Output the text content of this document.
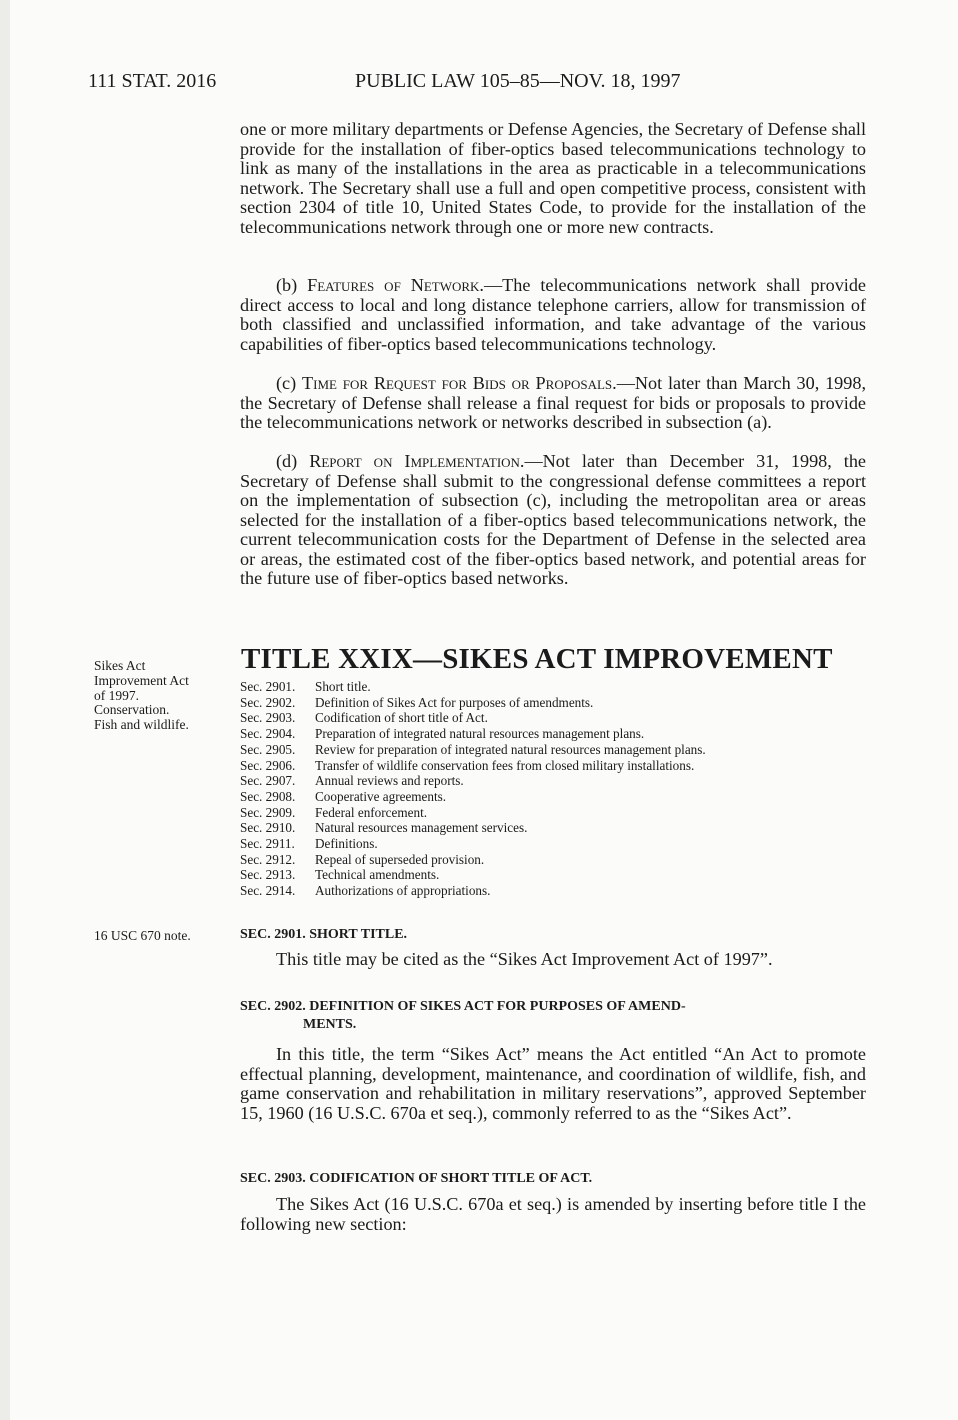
111 STAT. 2016	PUBLIC LAW 105–85—NOV. 18, 1997

one or more military departments or Defense Agencies, the Secretary of Defense shall provide for the installation of fiber-optics based telecommunications technology to link as many of the installations in the area as practicable in a telecommunications network. The Secretary shall use a full and open competitive process, consistent with section 2304 of title 10, United States Code, to provide for the installation of the telecommunications network through one or more new contracts.

(b) Features of Network.—The telecommunications network shall provide direct access to local and long distance telephone carriers, allow for transmission of both classified and unclassified information, and take advantage of the various capabilities of fiber-optics based telecommunications technology.

(c) Time for Request for Bids or Proposals.—Not later than March 30, 1998, the Secretary of Defense shall release a final request for bids or proposals to provide the telecommunications network or networks described in subsection (a).

(d) Report on Implementation.—Not later than December 31, 1998, the Secretary of Defense shall submit to the congressional defense committees a report on the implementation of subsection (c), including the metropolitan area or areas selected for the installation of a fiber-optics based telecommunications network, the current telecommunication costs for the Department of Defense in the selected area or areas, the estimated cost of the fiber-optics based network, and potential areas for the future use of fiber-optics based networks.

Sikes Act
Improvement Act
of 1997.
Conservation.
Fish and wildlife.
TITLE XXIX—SIKES ACT IMPROVEMENT
Sec. 2901.	Short title.
Sec. 2902.	Definition of Sikes Act for purposes of amendments.
Sec. 2903.	Codification of short title of Act.
Sec. 2904.	Preparation of integrated natural resources management plans.
Sec. 2905.	Review for preparation of integrated natural resources management plans.
Sec. 2906.	Transfer of wildlife conservation fees from closed military installations.
Sec. 2907.	Annual reviews and reports.
Sec. 2908.	Cooperative agreements.
Sec. 2909.	Federal enforcement.
Sec. 2910.	Natural resources management services.
Sec. 2911.	Definitions.
Sec. 2912.	Repeal of superseded provision.
Sec. 2913.	Technical amendments.
Sec. 2914.	Authorizations of appropriations.
16 USC 670 note.	SEC. 2901. SHORT TITLE.

This title may be cited as the “Sikes Act Improvement Act of 1997”.

SEC. 2902. DEFINITION OF SIKES ACT FOR PURPOSES OF AMEND-
MENTS.

In this title, the term “Sikes Act” means the Act entitled “An Act to promote effectual planning, development, maintenance, and coordination of wildlife, fish, and game conservation and rehabilitation in military reservations”, approved September 15, 1960 (16 U.S.C. 670a et seq.), commonly referred to as the “Sikes Act”.

SEC. 2903. CODIFICATION OF SHORT TITLE OF ACT.

The Sikes Act (16 U.S.C. 670a et seq.) is amended by inserting before title I the following new section:
